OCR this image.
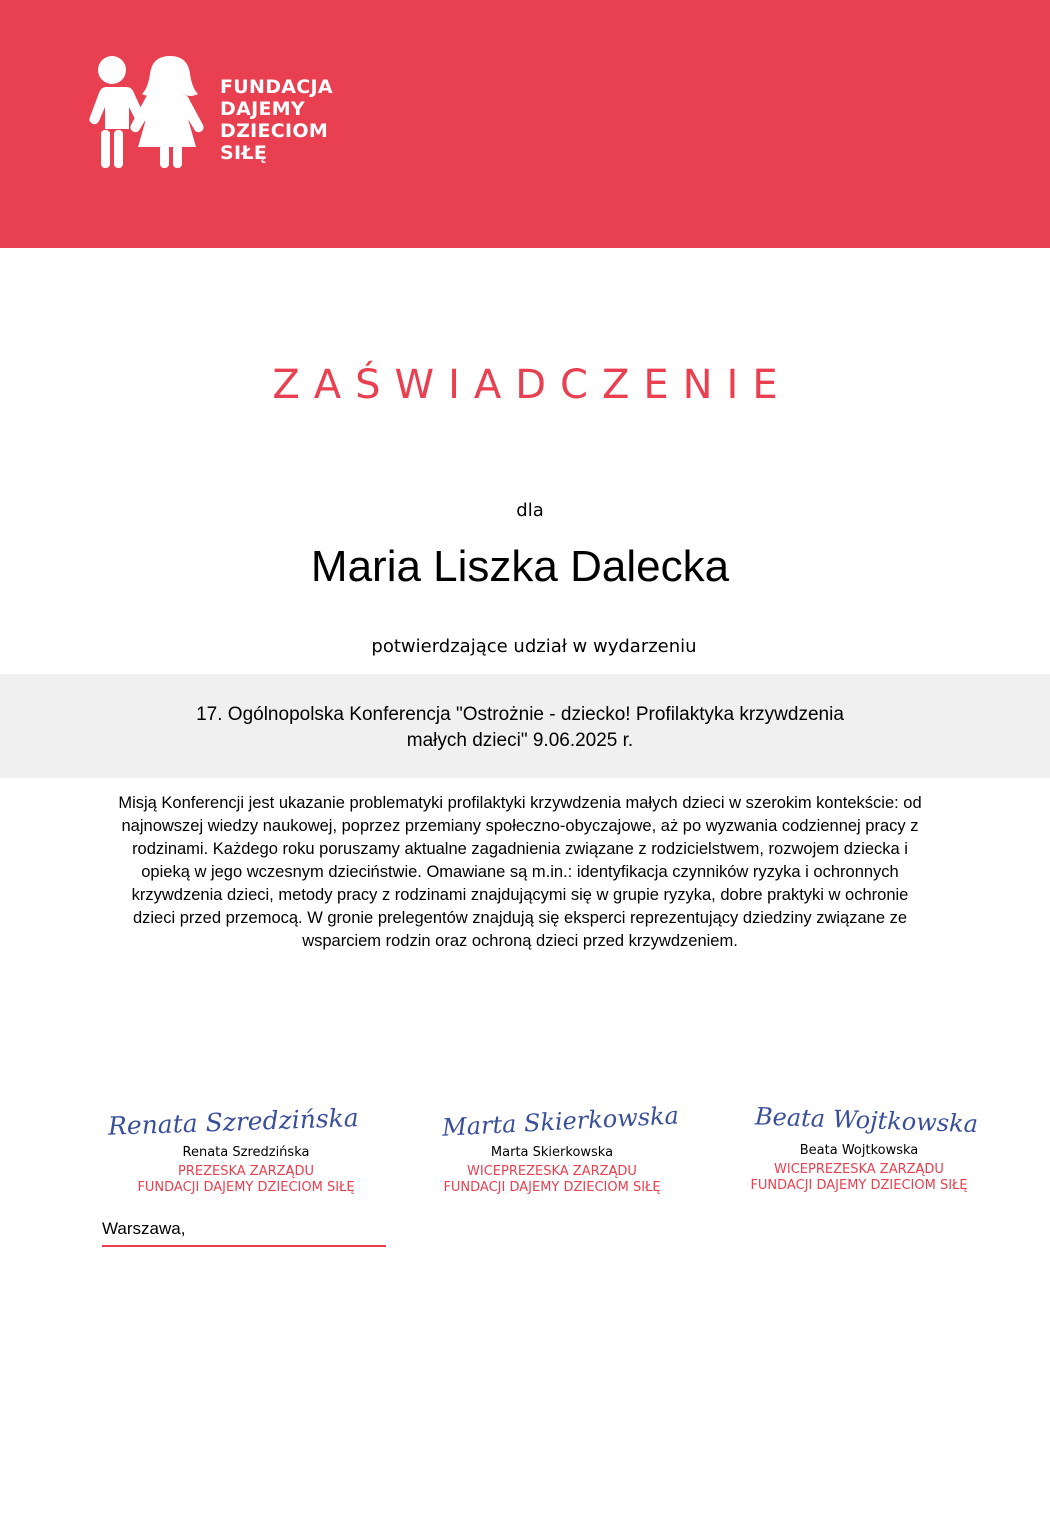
FUNDACJA
DAJEMY
DZIECIOM
SIŁĘ
ZAŚWIADCZENIE
dla
Maria Liszka Dalecka
potwierdzające udział w wydarzeniu
17. Ogólnopolska Konferencja "Ostrożnie - dziecko! Profilaktyka krzywdzenia
małych dzieci" 9.06.2025 r.
Misją Konferencji jest ukazanie problematyki profilaktyki krzywdzenia małych dzieci w szerokim kontekście: od najnowszej wiedzy naukowej, poprzez przemiany społeczno-obyczajowe, aż po wyzwania codziennej pracy z rodzinami. Każdego roku poruszamy aktualne zagadnienia związane z rodzicielstwem, rozwojem dziecka i opieką w jego wczesnym dzieciństwie. Omawiane są m.in.: identyfikacja czynników ryzyka i ochronnych krzywdzenia dzieci, metody pracy z rodzinami znajdującymi się w grupie ryzyka, dobre praktyki w ochronie dzieci przed przemocą. W gronie prelegentów znajdują się eksperci reprezentujący dziedziny związane ze wsparciem rodzin oraz ochroną dzieci przed krzywdzeniem.
Renata Szredzińska
Renata Szredzińska
PREZESKA ZARZĄDU
FUNDACJI DAJEMY DZIECIOM SIŁĘ
Marta Skierkowska
Marta Skierkowska
WICEPREZESKA ZARZĄDU
FUNDACJI DAJEMY DZIECIOM SIŁĘ
Beata Wojtkowska
Beata Wojtkowska
WICEPREZESKA ZARZĄDU
FUNDACJI DAJEMY DZIECIOM SIŁĘ
Warszawa,
